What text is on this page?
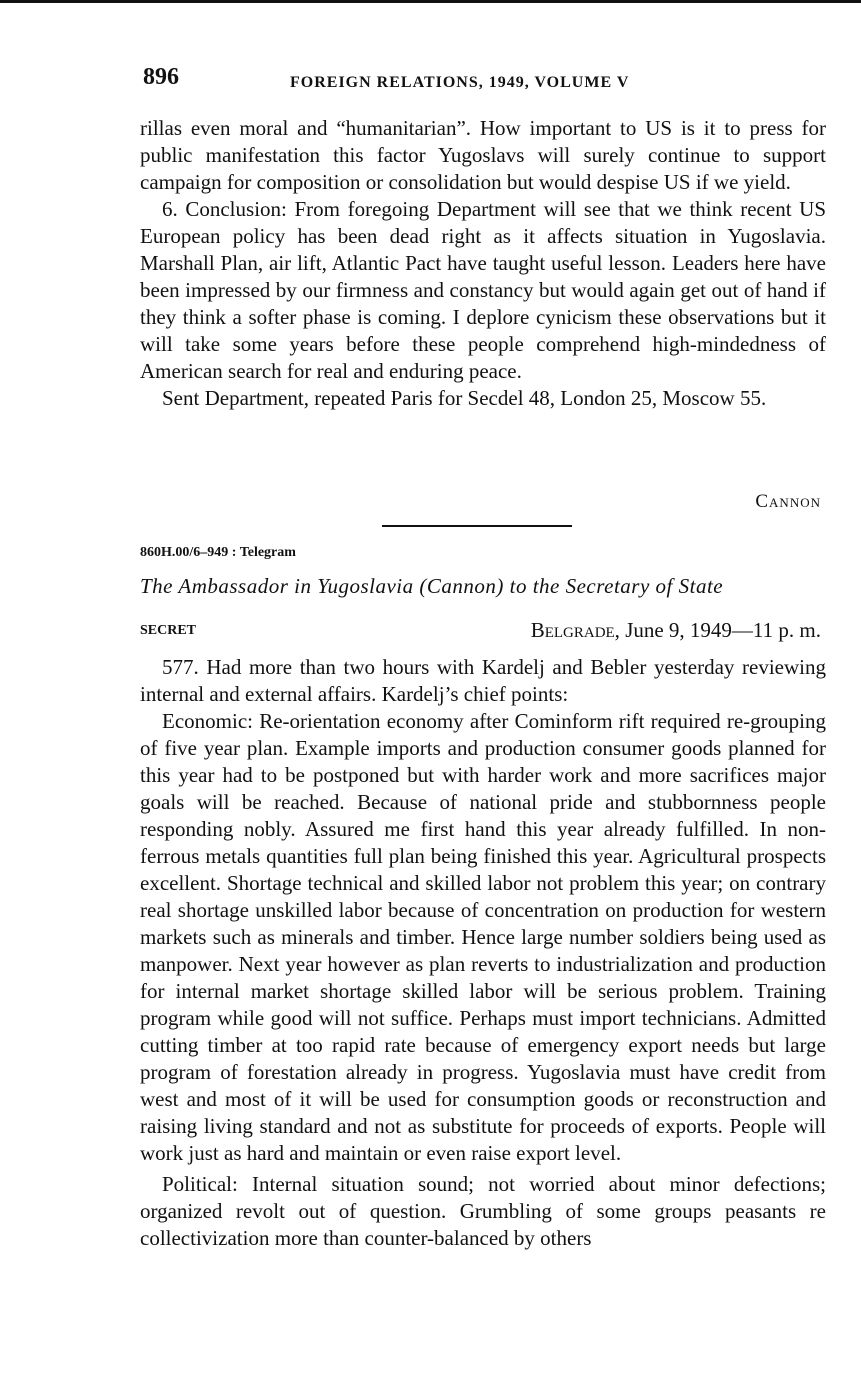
896	FOREIGN RELATIONS, 1949, VOLUME V

rillas even moral and “humanitarian”. How important to US is it to press for public manifestation this factor Yugoslavs will surely continue to support campaign for composition or consolidation but would despise US if we yield.

6. Conclusion: From foregoing Department will see that we think recent US European policy has been dead right as it affects situation in Yugoslavia. Marshall Plan, air lift, Atlantic Pact have taught useful lesson. Leaders here have been impressed by our firmness and constancy but would again get out of hand if they think a softer phase is coming. I deplore cynicism these observations but it will take some years before these people comprehend high-mindedness of American search for real and enduring peace.

Sent Department, repeated Paris for Secdel 48, London 25, Moscow 55.

Cannon
860H.00/6–949 : Telegram
The Ambassador in Yugoslavia (Cannon) to the Secretary of State
SECRET	Belgrade, June 9, 1949—11 p. m.

577. Had more than two hours with Kardelj and Bebler yesterday reviewing internal and external affairs. Kardelj’s chief points:

Economic: Re-orientation economy after Cominform rift required re-grouping of five year plan. Example imports and production consumer goods planned for this year had to be postponed but with harder work and more sacrifices major goals will be reached. Because of national pride and stubbornness people responding nobly. Assured me first hand this year already fulfilled. In non-ferrous metals quantities full plan being finished this year. Agricultural prospects excellent. Shortage technical and skilled labor not problem this year; on contrary real shortage unskilled labor because of concentration on production for western markets such as minerals and timber. Hence large number soldiers being used as manpower. Next year however as plan reverts to industrialization and production for internal market shortage skilled labor will be serious problem. Training program while good will not suffice. Perhaps must import technicians. Admitted cutting timber at too rapid rate because of emergency export needs but large program of forestation already in progress. Yugoslavia must have credit from west and most of it will be used for consumption goods or reconstruction and raising living standard and not as substitute for proceeds of exports. People will work just as hard and maintain or even raise export level.

Political: Internal situation sound; not worried about minor defections; organized revolt out of question. Grumbling of some groups peasants re collectivization more than counter-balanced by others
